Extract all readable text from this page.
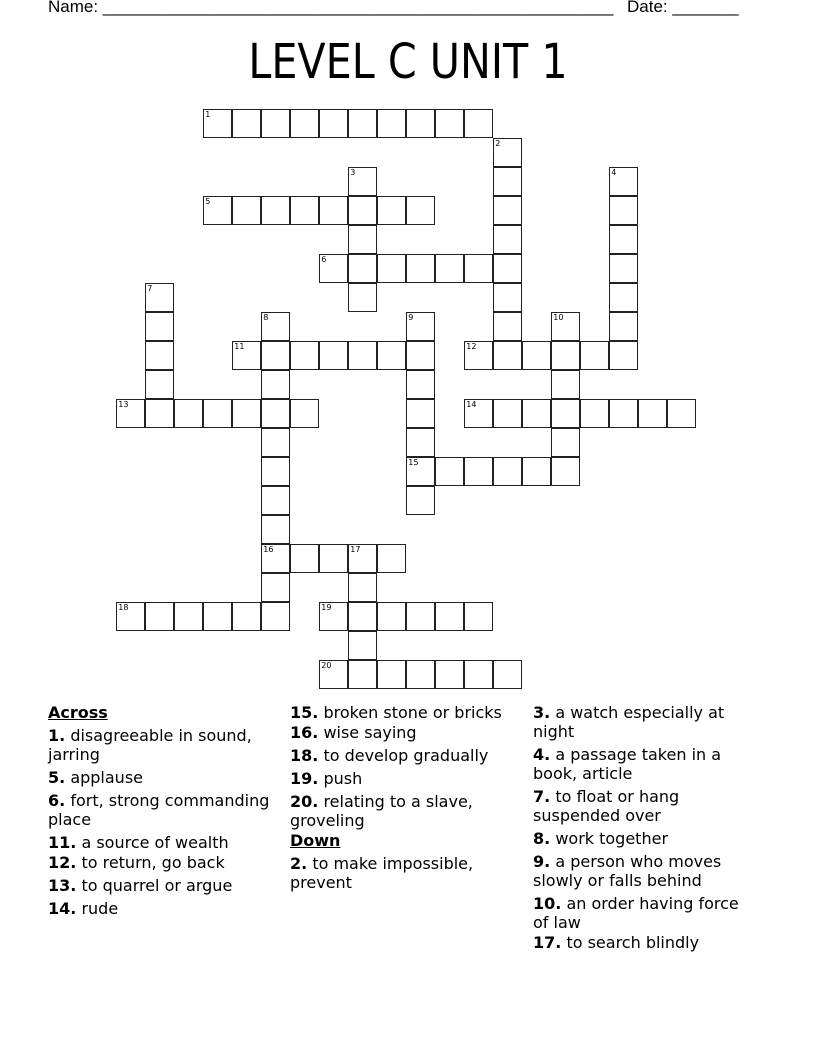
Name: ______________________________________________________ Date: _______
LEVEL C UNIT 1
1
2
3	4
5
6
7
8
16
9
15
10
11	12
13	14
17
18	19
20
Across
1. disagreeable in sound, jarring
5. applause
6. fort, strong commanding place
11. a source of wealth
12. to return, go back
13. to quarrel or argue
14. rude
15. broken stone or bricks
16. wise saying
18. to develop gradually
19. push
20. relating to a slave, groveling
Down
2. to make impossible, prevent
3. a watch especially at night
4. a passage taken in a book, article
7. to float or hang suspended over
8. work together
9. a person who moves slowly or falls behind
10. an order having force of law
17. to search blindly
